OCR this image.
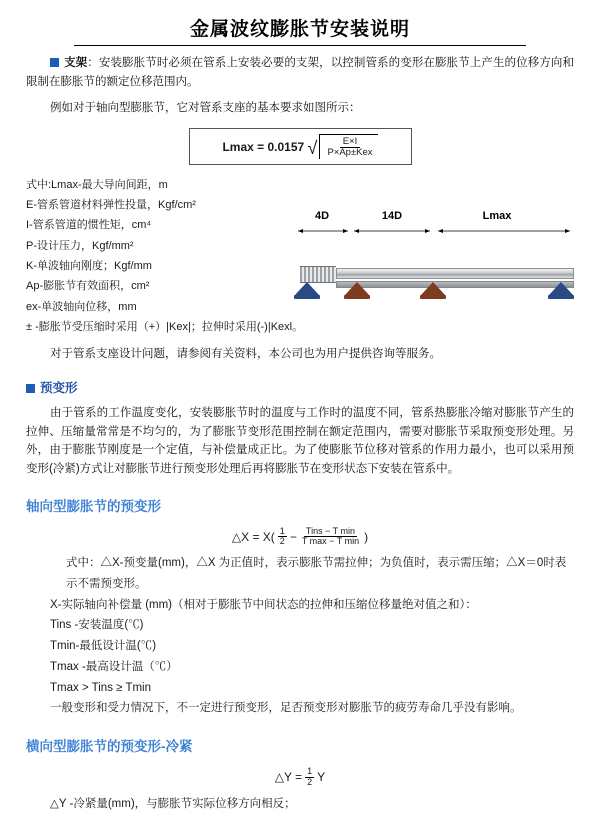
金属波纹膨胀节安装说明

支架：安装膨胀节时必须在管系上安装必要的支架，以控制管系的变形在膨胀节上产生的位移方向和限制在膨胀节的额定位移范围内。

例如对于轴向型膨胀节，它对管系支座的基本要求如图所示：

Lmax = 0.0157 √ $\frac{E\times I}{\text{P×Ap±Kex}}$
式中:Lmax-最大导向间距，m
E-管系管道材料弹性投量，Kgf/cm²
I-管系管道的惯性矩，cm⁴
P-设计压力，Kgf/mm²
K-单波轴向刚度；Kgf/mm
Ap-膨胀节有效面积，cm²
ex-单波轴向位移，mm
± -膨胀节受压缩时采用（+）|Kex|；拉伸时采用(-)|Kexl。

对于管系支座设计问题，请参阅有关资料，本公司也为用户提供咨询等服务。

预变形

由于管系的工作温度变化，安装膨胀节时的温度与工作时的温度不同，管系热膨胀冷缩对膨胀节产生的拉伸、压缩量常常是不均匀的，为了膨胀节变形范围控制在额定范围内，需要对膨胀节采取预变形处理。另外，由于膨胀节刚度是一个定值，与补偿量成正比。为了使膨胀节位移对管系的作用力最小，也可以采用预变形(冷紧)方式让对膨胀节进行预变形处理后再将膨胀节在变形状态下安装在管系中。

轴向型膨胀节的预变形

△X = $X( \frac{1}{2}$ − Tins − T min
T max − T min )
式中：△X-预变量(mm)，△X 为正值时，表示膨胀节需拉伸；为负值时，表示需压缩；△X＝0时表示不需预变形。
X-实际轴向补偿量 (mm)（相对于膨胀节中间状态的拉伸和压缩位移量绝对值之和）：
Tins -安装温度(℃)
Tmin-最低设计温(℃)
Tmax -最高设计温（℃）
Tmax > Tins ≥ Tmin
一般变形和受力情况下，不一定进行预变形，足否预变形对膨胀节的疲劳寿命几乎没有影响。

横向型膨胀节的预变形-冷紧

△Y = $\frac{1}{2}$ Y
△Y -冷紧量(mm)，与膨胀节实际位移方向相反；
4D	14D	Lmax
